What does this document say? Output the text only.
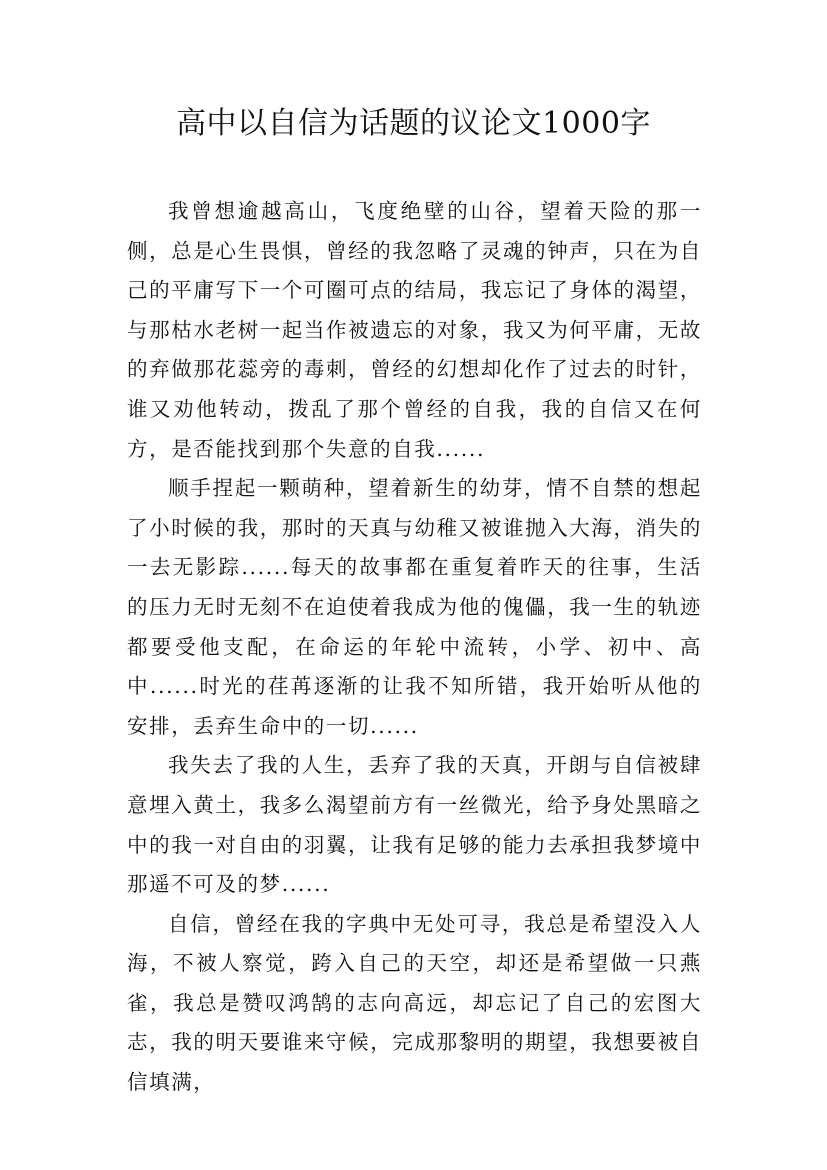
高中以自信为话题的议论文1000字

我曾想逾越高山，飞度绝壁的山谷，望着天险的那一侧，总是心生畏惧，曾经的我忽略了灵魂的钟声，只在为自己的平庸写下一个可圈可点的结局，我忘记了身体的渴望，与那枯水老树一起当作被遗忘的对象，我又为何平庸，无故的弃做那花蕊旁的毒刺，曾经的幻想却化作了过去的时针，谁又劝他转动，拨乱了那个曾经的自我，我的自信又在何方，是否能找到那个失意的自我......

顺手捏起一颗萌种，望着新生的幼芽，情不自禁的想起了小时候的我，那时的天真与幼稚又被谁抛入大海，消失的一去无影踪......每天的故事都在重复着昨天的往事，生活的压力无时无刻不在迫使着我成为他的傀儡，我一生的轨迹都要受他支配，在命运的年轮中流转，小学、初中、高中......时光的荏苒逐渐的让我不知所错，我开始听从他的安排，丢弃生命中的一切......

我失去了我的人生，丢弃了我的天真，开朗与自信被肆意埋入黄土，我多么渴望前方有一丝微光，给予身处黑暗之中的我一对自由的羽翼，让我有足够的能力去承担我梦境中那遥不可及的梦......

自信，曾经在我的字典中无处可寻，我总是希望没入人海，不被人察觉，跨入自己的天空，却还是希望做一只燕雀，我总是赞叹鸿鹄的志向高远，却忘记了自己的宏图大志，我的明天要谁来守候，完成那黎明的期望，我想要被自信填满，
